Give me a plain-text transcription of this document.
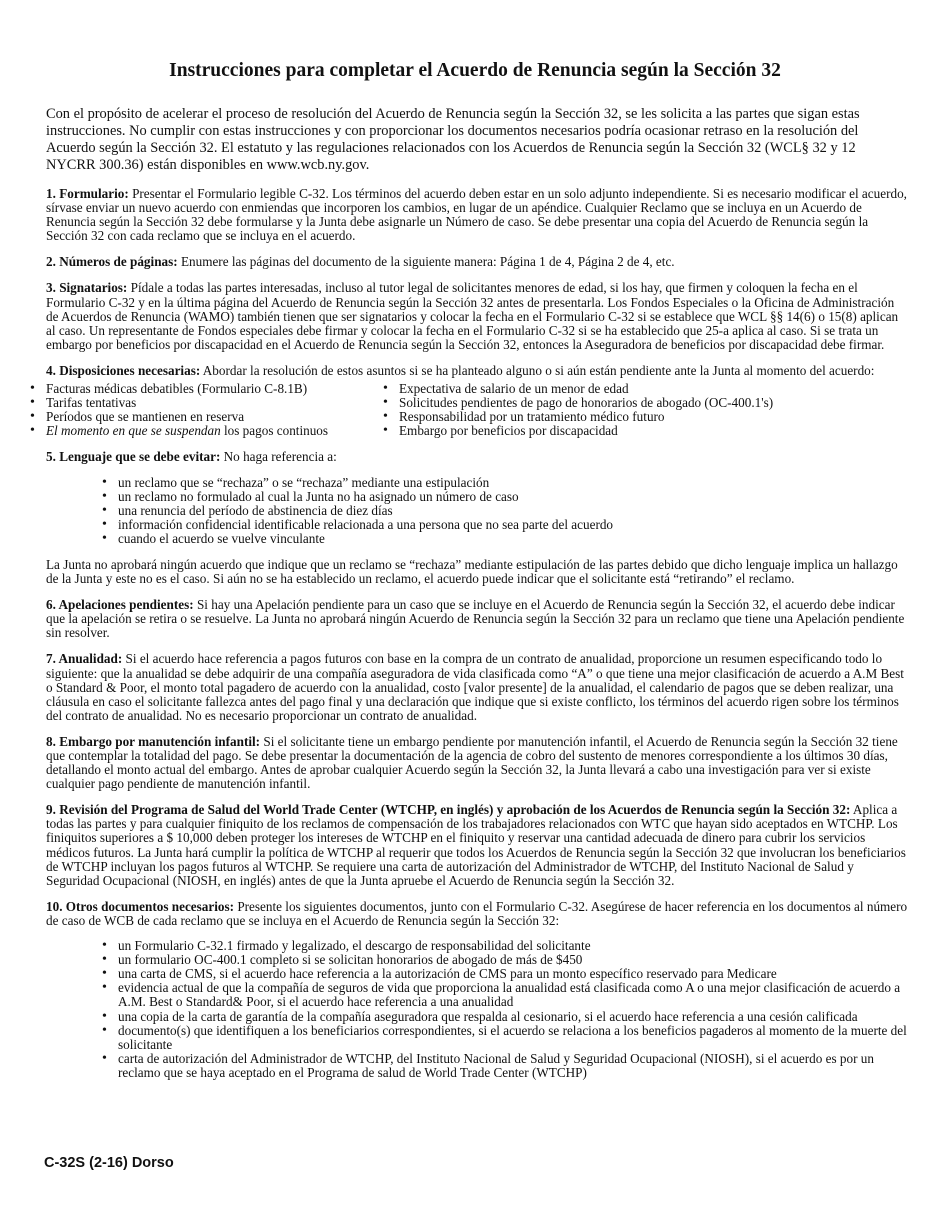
Instrucciones para completar el Acuerdo de Renuncia según la Sección 32

Con el propósito de acelerar el proceso de resolución del Acuerdo de Renuncia según la Sección 32, se les solicita a las partes que sigan estas instrucciones. No cumplir con estas instrucciones y con proporcionar los documentos necesarios podría ocasionar retraso en la resolución del Acuerdo según la Sección 32. El estatuto y las regulaciones relacionados con los Acuerdos de Renuncia según la Sección 32 (WCL§ 32 y 12 NYCRR 300.36) están disponibles en www.wcb.ny.gov.

1. Formulario: Presentar el Formulario legible C-32. Los términos del acuerdo deben estar en un solo adjunto independiente. Si es necesario modificar el acuerdo, sírvase enviar un nuevo acuerdo con enmiendas que incorporen los cambios, en lugar de un apéndice. Cualquier Reclamo que se incluya en un Acuerdo de Renuncia según la Sección 32 debe formularse y la Junta debe asignarle un Número de caso. Se debe presentar una copia del Acuerdo de Renuncia según la Sección 32 con cada reclamo que se incluya en el acuerdo.

2. Números de páginas: Enumere las páginas del documento de la siguiente manera: Página 1 de 4, Página 2 de 4, etc.

3. Signatarios: Pídale a todas las partes interesadas, incluso al tutor legal de solicitantes menores de edad, si los hay, que firmen y coloquen la fecha en el Formulario C-32 y en la última página del Acuerdo de Renuncia según la Sección 32 antes de presentarla. Los Fondos Especiales o la Oficina de Administración de Acuerdos de Renuncia (WAMO) también tienen que ser signatarios y colocar la fecha en el Formulario C-32 si se establece que WCL §§ 14(6) o 15(8) aplican al caso. Un representante de Fondos especiales debe firmar y colocar la fecha en el Formulario C-32 si se ha establecido que 25-a aplica al caso. Si se trata un embargo por beneficios por discapacidad en el Acuerdo de Renuncia según la Sección 32, entonces la Aseguradora de beneficios por discapacidad debe firmar.

4. Disposiciones necesarias: Abordar la resolución de estos asuntos si se ha planteado alguno o si aún están pendiente ante la Junta al momento del acuerdo:

• Facturas médicas debatibles (Formulario C-8.1B)
• Tarifas tentativas
• Períodos que se mantienen en reserva
• El momento en que se suspendan los pagos continuos
• Expectativa de salario de un menor de edad
• Solicitudes pendientes de pago de honorarios de abogado (OC-400.1's)
• Responsabilidad por un tratamiento médico futuro
• Embargo por beneficios por discapacidad

5. Lenguaje que se debe evitar: No haga referencia a:

• un reclamo que se “rechaza” o se “rechaza” mediante una estipulación
• un reclamo no formulado al cual la Junta no ha asignado un número de caso
• una renuncia del período de abstinencia de diez días
• información confidencial identificable relacionada a una persona que no sea parte del acuerdo
• cuando el acuerdo se vuelve vinculante

La Junta no aprobará ningún acuerdo que indique que un reclamo se “rechaza” mediante estipulación de las partes debido que dicho lenguaje implica un hallazgo de la Junta y este no es el caso. Si aún no se ha establecido un reclamo, el acuerdo puede indicar que el solicitante está “retirando” el reclamo.

6. Apelaciones pendientes: Si hay una Apelación pendiente para un caso que se incluye en el Acuerdo de Renuncia según la Sección 32, el acuerdo debe indicar que la apelación se retira o se resuelve. La Junta no aprobará ningún Acuerdo de Renuncia según la Sección 32 para un reclamo que tiene una Apelación pendiente sin resolver.

7. Anualidad: Si el acuerdo hace referencia a pagos futuros con base en la compra de un contrato de anualidad, proporcione un resumen especificando todo lo siguiente: que la anualidad se debe adquirir de una compañía aseguradora de vida clasificada como “A” o que tiene una mejor clasificación de acuerdo a A.M Best o Standard & Poor, el monto total pagadero de acuerdo con la anualidad, costo [valor presente] de la anualidad, el calendario de pagos que se deben realizar, una cláusula en caso el solicitante fallezca antes del pago final y una declaración que indique que si existe conflicto, los términos del acuerdo rigen sobre los términos del contrato de anualidad. No es necesario proporcionar un contrato de anualidad.

8. Embargo por manutención infantil: Si el solicitante tiene un embargo pendiente por manutención infantil, el Acuerdo de Renuncia según la Sección 32 tiene que contemplar la totalidad del pago. Se debe presentar la documentación de la agencia de cobro del sustento de menores correspondiente a los últimos 30 días, detallando el monto actual del embargo. Antes de aprobar cualquier Acuerdo según la Sección 32, la Junta llevará a cabo una investigación para ver si existe cualquier pago pendiente de manutención infantil.

9. Revisión del Programa de Salud del World Trade Center (WTCHP, en inglés) y aprobación de los Acuerdos de Renuncia según la Sección 32: Aplica a todas las partes y para cualquier finiquito de los reclamos de compensación de los trabajadores relacionados con WTC que hayan sido aceptados en WTCHP. Los finiquitos superiores a $ 10,000 deben proteger los intereses de WTCHP en el finiquito y reservar una cantidad adecuada de dinero para cubrir los servicios médicos futuros. La Junta hará cumplir la política de WTCHP al requerir que todos los Acuerdos de Renuncia según la Sección 32 que involucran los beneficiarios de WTCHP incluyan los pagos futuros al WTCHP. Se requiere una carta de autorización del Administrador de WTCHP, del Instituto Nacional de Salud y Seguridad Ocupacional (NIOSH, en inglés) antes de que la Junta apruebe el Acuerdo de Renuncia según la Sección 32.

10. Otros documentos necesarios: Presente los siguientes documentos, junto con el Formulario C-32. Asegúrese de hacer referencia en los documentos al número de caso de WCB de cada reclamo que se incluya en el Acuerdo de Renuncia según la Sección 32:

• un Formulario C-32.1 firmado y legalizado, el descargo de responsabilidad del solicitante
• un formulario OC-400.1 completo si se solicitan honorarios de abogado de más de $450
• una carta de CMS, si el acuerdo hace referencia a la autorización de CMS para un monto específico reservado para Medicare
• evidencia actual de que la compañía de seguros de vida que proporciona la anualidad está clasificada como A o una mejor clasificación de acuerdo a A.M. Best o Standard& Poor, si el acuerdo hace referencia a una anualidad
• una copia de la carta de garantía de la compañía aseguradora que respalda al cesionario, si el acuerdo hace referencia a una cesión calificada
• documento(s) que identifiquen a los beneficiarios correspondientes, si el acuerdo se relaciona a los beneficios pagaderos al momento de la muerte del solicitante
• carta de autorización del Administrador de WTCHP, del Instituto Nacional de Salud y Seguridad Ocupacional (NIOSH), si el acuerdo es por un reclamo que se haya aceptado en el Programa de salud de World Trade Center (WTCHP)

C-32S (2-16) Dorso
